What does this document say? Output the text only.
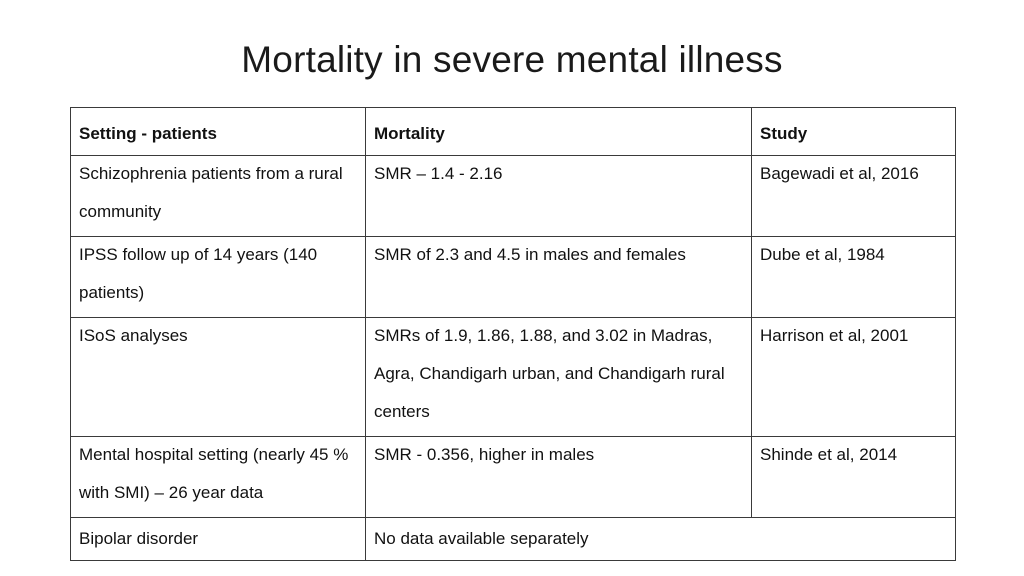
Mortality in severe mental illness
Setting - patients	Mortality	Study

Schizophrenia patients from a rural community	SMR – 1.4 - 2.16	Bagewadi et al, 2016

IPSS follow up of 14 years (140 patients)	SMR of 2.3 and 4.5 in males and females	Dube et al, 1984

ISoS analyses	SMRs of 1.9, 1.86, 1.88, and 3.02 in Madras, Agra, Chandigarh urban, and Chandigarh rural centers	Harrison et al, 2001

Mental hospital setting (nearly 45 % with SMI) – 26 year data	SMR - 0.356, higher in males	Shinde et al, 2014

Bipolar disorder	No data available separately	
